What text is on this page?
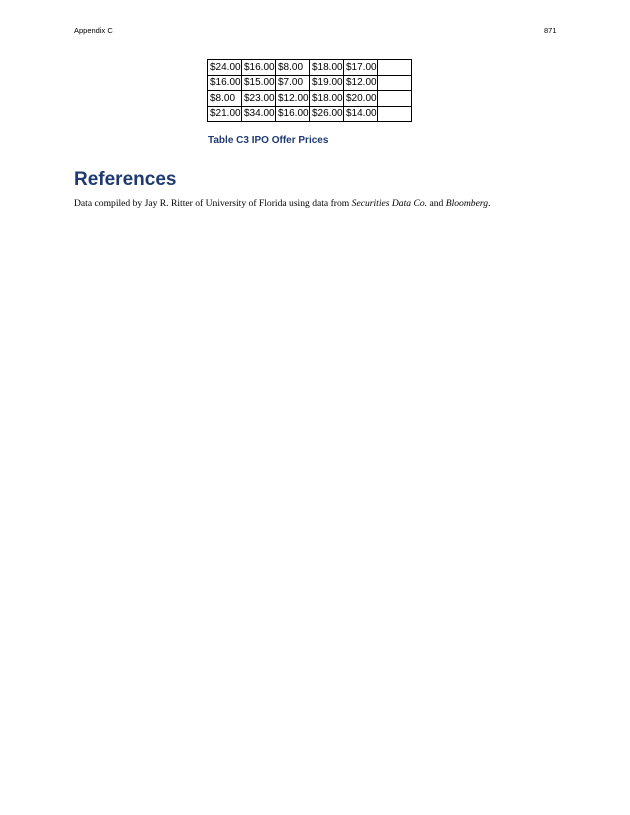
Appendix C	871
$24.00	$16.00	$8.00	$18.00	$17.00	
$16.00	$15.00	$7.00	$19.00	$12.00	
$8.00	$23.00	$12.00	$18.00	$20.00	
$21.00	$34.00	$16.00	$26.00	$14.00	
Table C3 IPO Offer Prices
References
Data compiled by Jay R. Ritter of University of Florida using data from Securities Data Co. and Bloomberg.
